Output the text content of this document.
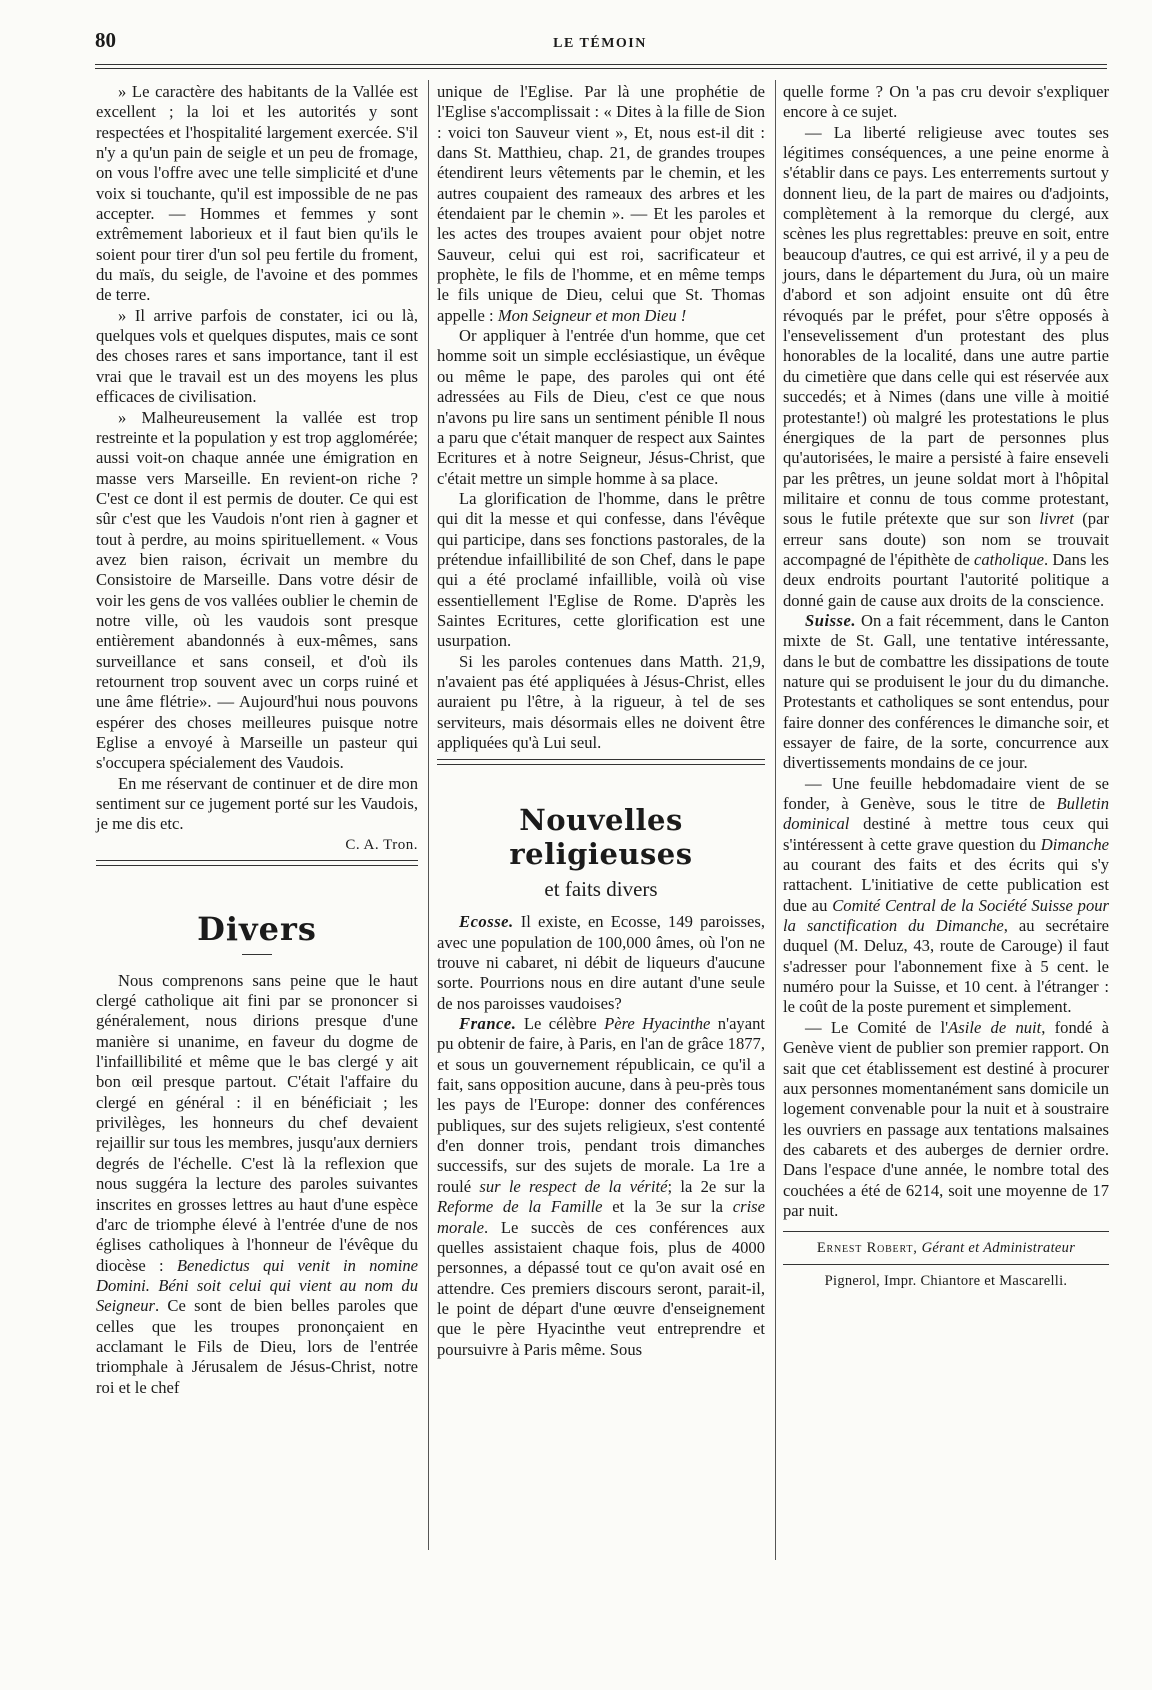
80	LE TÉMOIN

» Le caractère des habitants de la Vallée est excellent ; la loi et les autorités y sont respectées et l'hospitalité largement exercée. S'il n'y a qu'un pain de seigle et un peu de fromage, on vous l'offre avec une telle simplicité et d'une voix si touchante, qu'il est impossible de ne pas accepter. — Hommes et femmes y sont extrêmement laborieux et il faut bien qu'ils le soient pour tirer d'un sol peu fertile du froment, du maïs, du seigle, de l'avoine et des pommes de terre.

» Il arrive parfois de constater, ici ou là, quelques vols et quelques disputes, mais ce sont des choses rares et sans importance, tant il est vrai que le travail est un des moyens les plus efficaces de civilisation.

» Malheureusement la vallée est trop restreinte et la population y est trop agglomérée; aussi voit-on chaque année une émigration en masse vers Marseille. En revient-on riche ? C'est ce dont il est permis de douter. Ce qui est sûr c'est que les Vaudois n'ont rien à gagner et tout à perdre, au moins spirituellement. « Vous avez bien raison, écrivait un membre du Consistoire de Marseille. Dans votre désir de voir les gens de vos vallées oublier le chemin de notre ville, où les vaudois sont presque entièrement abandonnés à eux-mêmes, sans surveillance et sans conseil, et d'où ils retournent trop souvent avec un corps ruiné et une âme flétrie». — Aujourd'hui nous pouvons espérer des choses meilleures puisque notre Eglise a envoyé à Marseille un pasteur qui s'occupera spécialement des Vaudois.

En me réservant de continuer et de dire mon sentiment sur ce jugement porté sur les Vaudois, je me dis etc.

C. A. Tron.
Divers

Nous comprenons sans peine que le haut clergé catholique ait fini par se prononcer si généralement, nous dirions presque d'une manière si unanime, en faveur du dogme de l'infaillibilité et même que le bas clergé y ait bon œil presque partout. C'était l'affaire du clergé en général : il en bénéficiait ; les privilèges, les honneurs du chef devaient rejaillir sur tous les membres, jusqu'aux derniers degrés de l'échelle. C'est là la reflexion que nous suggéra la lecture des paroles suivantes inscrites en grosses lettres au haut d'une espèce d'arc de triomphe élevé à l'entrée d'une de nos églises catholiques à l'honneur de l'évêque du diocèse : Benedictus qui venit in nomine Domini. Béni soit celui qui vient au nom du Seigneur. Ce sont de bien belles paroles que celles que les troupes prononçaient en acclamant le Fils de Dieu, lors de l'entrée triomphale à Jérusalem de Jésus-Christ, notre roi et le chef

unique de l'Eglise. Par là une prophétie de l'Eglise s'accomplissait : « Dites à la fille de Sion : voici ton Sauveur vient », Et, nous est-il dit : dans St. Matthieu, chap. 21, de grandes troupes étendirent leurs vêtements par le chemin, et les autres coupaient des rameaux des arbres et les étendaient par le chemin ». — Et les paroles et les actes des troupes avaient pour objet notre Sauveur, celui qui est roi, sacrificateur et prophète, le fils de l'homme, et en même temps le fils unique de Dieu, celui que St. Thomas appelle : Mon Seigneur et mon Dieu !

Or appliquer à l'entrée d'un homme, que cet homme soit un simple ecclésiastique, un évêque ou même le pape, des paroles qui ont été adressées au Fils de Dieu, c'est ce que nous n'avons pu lire sans un sentiment pénible Il nous a paru que c'était manquer de respect aux Saintes Ecritures et à notre Seigneur, Jésus-Christ, que c'était mettre un simple homme à sa place.

La glorification de l'homme, dans le prêtre qui dit la messe et qui confesse, dans l'évêque qui participe, dans ses fonctions pastorales, de la prétendue infaillibilité de son Chef, dans le pape qui a été proclamé infaillible, voilà où vise essentiellement l'Eglise de Rome. D'après les Saintes Ecritures, cette glorification est une usurpation.

Si les paroles contenues dans Matth. 21,9, n'avaient pas été appliquées à Jésus-Christ, elles auraient pu l'être, à la rigueur, à tel de ses serviteurs, mais désormais elles ne doivent être appliquées qu'à Lui seul.

Nouvelles religieuses
et faits divers

Ecosse. Il existe, en Ecosse, 149 paroisses, avec une population de 100,000 âmes, où l'on ne trouve ni cabaret, ni débit de liqueurs d'aucune sorte. Pourrions nous en dire autant d'une seule de nos paroisses vaudoises?

France. Le célèbre Père Hyacinthe n'ayant pu obtenir de faire, à Paris, en l'an de grâce 1877, et sous un gouvernement républicain, ce qu'il a fait, sans opposition aucune, dans à peu-près tous les pays de l'Europe: donner des conférences publiques, sur des sujets religieux, s'est contenté d'en donner trois, pendant trois dimanches successifs, sur des sujets de morale. La 1re a roulé sur le respect de la vérité; la 2e sur la Reforme de la Famille et la 3e sur la crise morale. Le succès de ces conférences aux quelles assistaient chaque fois, plus de 4000 personnes, a dépassé tout ce qu'on avait osé en attendre. Ces premiers discours seront, parait-il, le point de départ d'une œuvre d'enseignement que le père Hyacinthe veut entreprendre et poursuivre à Paris même. Sous

quelle forme ? On 'a pas cru devoir s'expliquer encore à ce sujet.

— La liberté religieuse avec toutes ses légitimes conséquences, a une peine enorme à s'établir dans ce pays. Les enterrements surtout y donnent lieu, de la part de maires ou d'adjoints, complètement à la remorque du clergé, aux scènes les plus regrettables: preuve en soit, entre beaucoup d'autres, ce qui est arrivé, il y a peu de jours, dans le département du Jura, où un maire d'abord et son adjoint ensuite ont dû être révoqués par le préfet, pour s'être opposés à l'ensevelissement d'un protestant des plus honorables de la localité, dans une autre partie du cimetière que dans celle qui est réservée aux succedés; et à Nimes (dans une ville à moitié protestante!) où malgré les protestations le plus énergiques de la part de personnes plus qu'autorisées, le maire a persisté à faire enseveli par les prêtres, un jeune soldat mort à l'hôpital militaire et connu de tous comme protestant, sous le futile prétexte que sur son livret (par erreur sans doute) son nom se trouvait accompagné de l'épithète de catholique. Dans les deux endroits pourtant l'autorité politique a donné gain de cause aux droits de la conscience.

Suisse. On a fait récemment, dans le Canton mixte de St. Gall, une tentative intéressante, dans le but de combattre les dissipations de toute nature qui se produisent le jour du du dimanche. Protestants et catholiques se sont entendus, pour faire donner des conférences le dimanche soir, et essayer de faire, de la sorte, concurrence aux divertissements mondains de ce jour.

— Une feuille hebdomadaire vient de se fonder, à Genève, sous le titre de Bulletin dominical destiné à mettre tous ceux qui s'intéressent à cette grave question du Dimanche au courant des faits et des écrits qui s'y rattachent. L'initiative de cette publication est due au Comité Central de la Société Suisse pour la sanctification du Dimanche, au secrétaire duquel (M. Deluz, 43, route de Carouge) il faut s'adresser pour l'abonnement fixe à 5 cent. le numéro pour la Suisse, et 10 cent. à l'étranger : le coût de la poste purement et simplement.

— Le Comité de l'Asile de nuit, fondé à Genève vient de publier son premier rapport. On sait que cet établissement est destiné à procurer aux personnes momentanément sans domicile un logement convenable pour la nuit et à soustraire les ouvriers en passage aux tentations malsaines des cabarets et des auberges de dernier ordre. Dans l'espace d'une année, le nombre total des couchées a été de 6214, soit une moyenne de 17 par nuit.

Ernest Robert, Gérant et Administrateur
Pignerol, Impr. Chiantore et Mascarelli.
